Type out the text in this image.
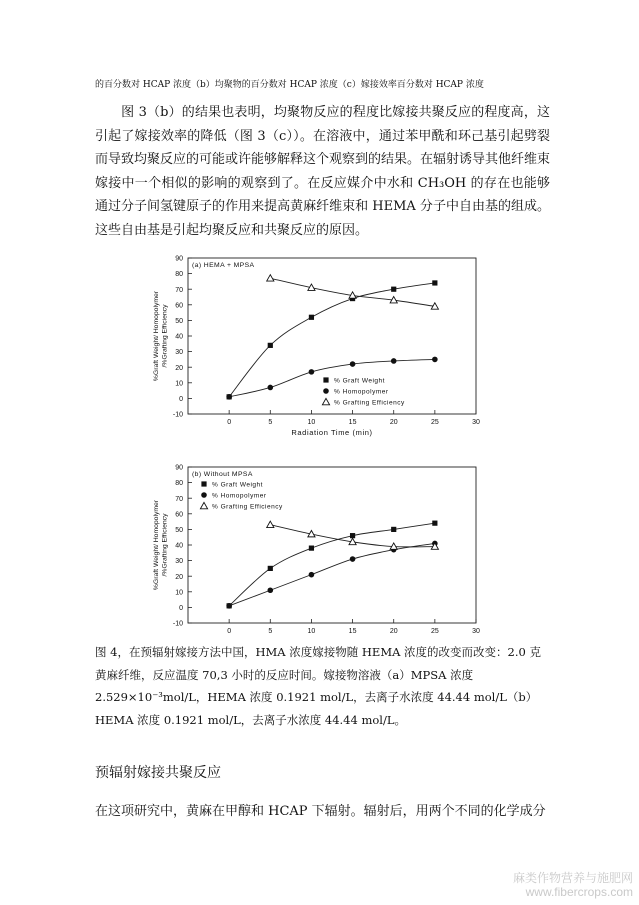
的百分数对 HCAP 浓度（b）均聚物的百分数对 HCAP 浓度（c）嫁接效率百分数对 HCAP 浓度
图 3（b）的结果也表明，均聚物反应的程度比嫁接共聚反应的程度高，这引起了嫁接效率的降低（图 3（c））。在溶液中，通过苯甲酰和环己基引起劈裂而导致均聚反应的可能或许能够解释这个观察到的结果。在辐射诱导其他纤维束嫁接中一个相似的影响的观察到了。在反应媒介中水和 CH₃OH 的存在也能够通过分子间氢键原子的作用来提高黄麻纤维束和 HEMA 分子中自由基的组成。这些自由基是引起均聚反应和共聚反应的原因。
-10
0
10
20
30
40
50
60
70
80
90
0	5	10	15	20	25	30
Radiation Time (min)
%Graft Weight/ Homopolymer /%Grafting Efficiency
(a) HEMA + MPSA
% Graft Weight
% Homopolymer
% Grafting Efficiency
-10
0
10
20
30
40
50
60
70
80
90
0	5	10	15	20	25	30
%Graft Weight/ Homopolymer /%Grafting Efficiency
(b) Without MPSA
% Graft Weight
% Homopolymer
% Grafting Efficiency
图 4，在预辐射嫁接方法中国，HMA 浓度嫁接物随 HEMA 浓度的改变而改变：2.0 克黄麻纤维，反应温度 70,3 小时的反应时间。嫁接物溶液（a）MPSA 浓度 2.529×10⁻³mol/L，HEMA 浓度 0.1921 mol/L，去离子水浓度 44.44 mol/L（b）HEMA 浓度 0.1921 mol/L，去离子水浓度 44.44 mol/L。
预辐射嫁接共聚反应
在这项研究中，黄麻在甲醇和 HCAP 下辐射。辐射后，用两个不同的化学成分
麻类作物营养与施肥网
www.fibercrops.com
